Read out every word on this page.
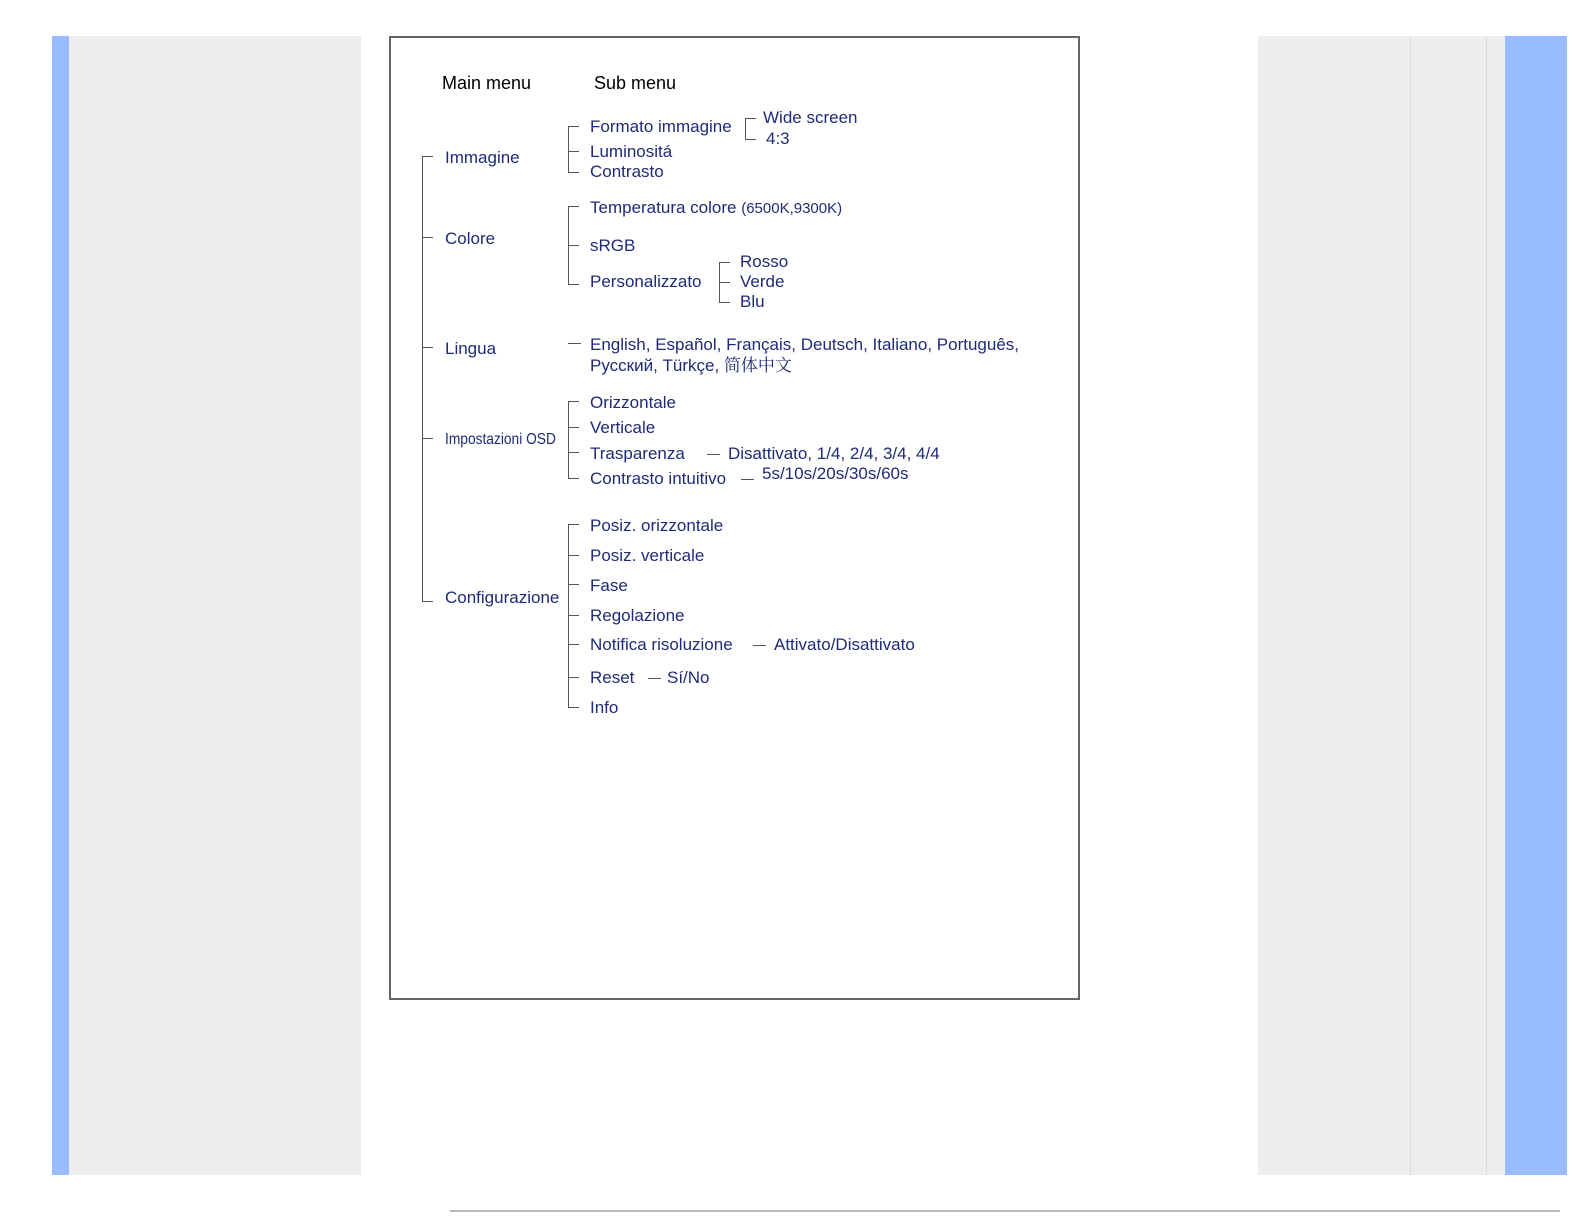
Main menu	Sub menu
Immagine
Colore
Lingua
Impostazioni OSD
Configurazione
Formato immagine
Luminositá
Contrasto
Wide screen
4:3
Temperatura colore (6500K,9300K)
sRGB
Personalizzato
Rosso
Verde
Blu
English, Español, Français, Deutsch, Italiano, Português,
Русский, Türkçe, 简体中文
Orizzontale
Verticale
Trasparenza	Disattivato, 1/4, 2/4, 3/4, 4/4
Contrasto intuitivo 5s/10s/20s/30s/60s
Posiz. orizzontale
Posiz. verticale
Fase
Regolazione
Notifica risoluzione Attivato/Disattivato
Reset Sí/No
Info
